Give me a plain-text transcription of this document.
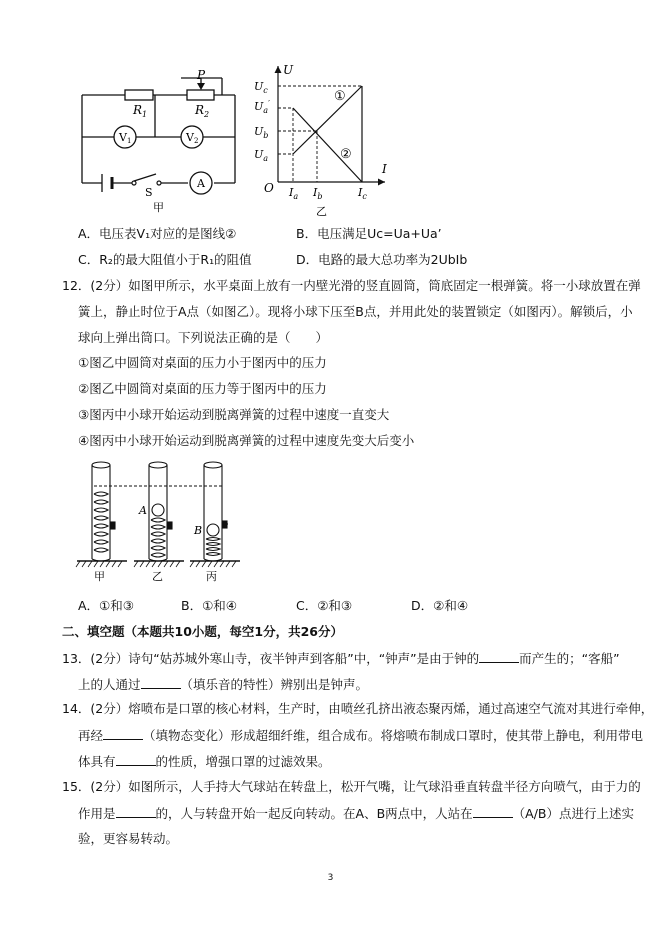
$R_1$	$R_2$
P
V1	V2
A
S
甲
U
I
O
$U_c$
$U_a'$
$U_b$
$U_a$
$I_a$ $I_b$	$I_c$
①
②
乙
A．电压表V₁对应的是图线②	B．电压满足Uc=Ua+Ua’
C．R₂的最大阻值小于R₁的阻值	D．电路的最大总功率为2UbIb
12．(2分）如图甲所示，水平桌面上放有一内壁光滑的竖直圆筒，筒底固定一根弹簧。将一小球放置在弹
簧上，静止时位于A点（如图乙）。现将小球下压至B点，并用此处的装置锁定（如图丙）。解锁后，小
球向上弹出筒口。下列说法正确的是（　　）
①图乙中圆筒对桌面的压力小于图丙中的压力
②图乙中圆筒对桌面的压力等于图丙中的压力
③图丙中小球开始运动到脱离弹簧的过程中速度一直变大
④图丙中小球开始运动到脱离弹簧的过程中速度先变大后变小
A
B
甲	乙	丙
A．①和③	B．①和④	C．②和③	D．②和④
二、填空题（本题共10小题，每空1分，共26分）
13．(2分）诗句“姑苏城外寒山寺，夜半钟声到客船”中，“钟声”是由于钟的	而产生的；“客船”
上的人通过	（填乐音的特性）辨别出是钟声。
14．(2分）熔喷布是口罩的核心材料，生产时，由喷丝孔挤出液态聚丙烯，通过高速空气流对其进行牵伸，
再经	（填物态变化）形成超细纤维，组合成布。将熔喷布制成口罩时，使其带上静电，利用带电
体具有	的性质，增强口罩的过滤效果。
15．(2分）如图所示，人手持大气球站在转盘上，松开气嘴，让气球沿垂直转盘半径方向喷气，由于力的
作用是	的，人与转盘开始一起反向转动。在A、B两点中，人站在	（A/B）点进行上述实
验，更容易转动。
3
